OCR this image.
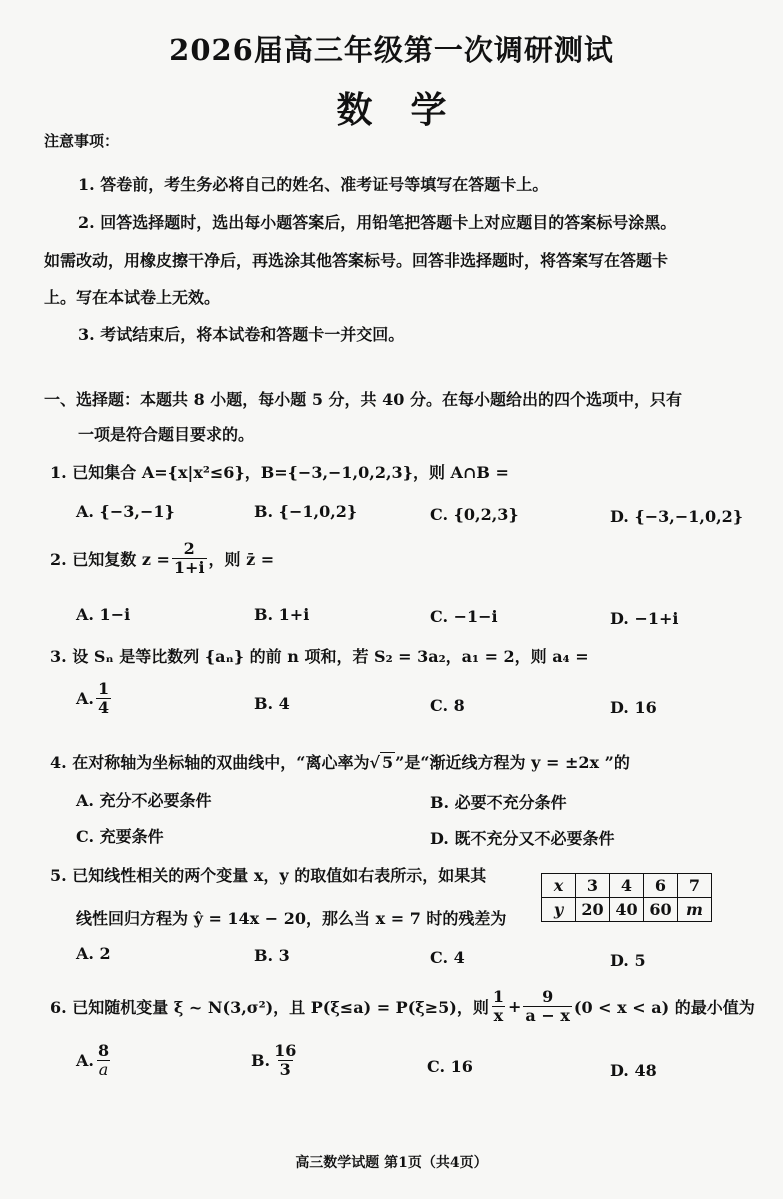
2026届高三年级第一次调研测试
数学
注意事项：
1. 答卷前，考生务必将自己的姓名、准考证号等填写在答题卡上。
2. 回答选择题时，选出每小题答案后，用铅笔把答题卡上对应题目的答案标号涂黑。
如需改动，用橡皮擦干净后，再选涂其他答案标号。回答非选择题时，将答案写在答题卡
上。写在本试卷上无效。
3. 考试结束后，将本试卷和答题卡一并交回。
一、选择题：本题共 8 小题，每小题 5 分，共 40 分。在每小题给出的四个选项中，只有
一项是符合题目要求的。
1. 已知集合 A={x|x²≤6}，B={−3,−1,0,2,3}，则 A∩B =
A. {−3,−1}	B. {−1,0,2}	C. {0,2,3}	D. {−3,−1,0,2}
2. 已知复数 $z = \frac{2}{1+i}$ ，则 z̄ =
A. 1−i	B. 1+i	C. −1−i	D. −1+i
3. 设 Sₙ 是等比数列 {aₙ} 的前 n 项和，若 S₂ = 3a₂，a₁ = 2，则 a₄ =
A. $\frac{1}{4}$	B. 4	C. 8	D. 16
4. 在对称轴为坐标轴的双曲线中，“离心率为√ 5 ”是“渐近线方程为 y = ±2x ”的
A. 充分不必要条件	B. 必要不充分条件
C. 充要条件	D. 既不充分又不必要条件
5. 已知线性相关的两个变量 x，y 的取值如右表所示，如果其
线性回归方程为 ŷ = 14x − 20，那么当 x = 7 时的残差为
x	3	4	6	7
y	20	40	60	m
A. 2	B. 3	C. 4	D. 5
6. 已知随机变量 ξ ~ N(3,σ²)，且 P(ξ≤a) = P(ξ≥5)，则 $\frac{1}{x} + \frac{9}{a - x} (0 < x < a)$ 的最小值为
A. $\frac{8}{a}$	B. $\frac{16}{3}$	C. 16	D. 48
高三数学试题 第1页（共4页）
